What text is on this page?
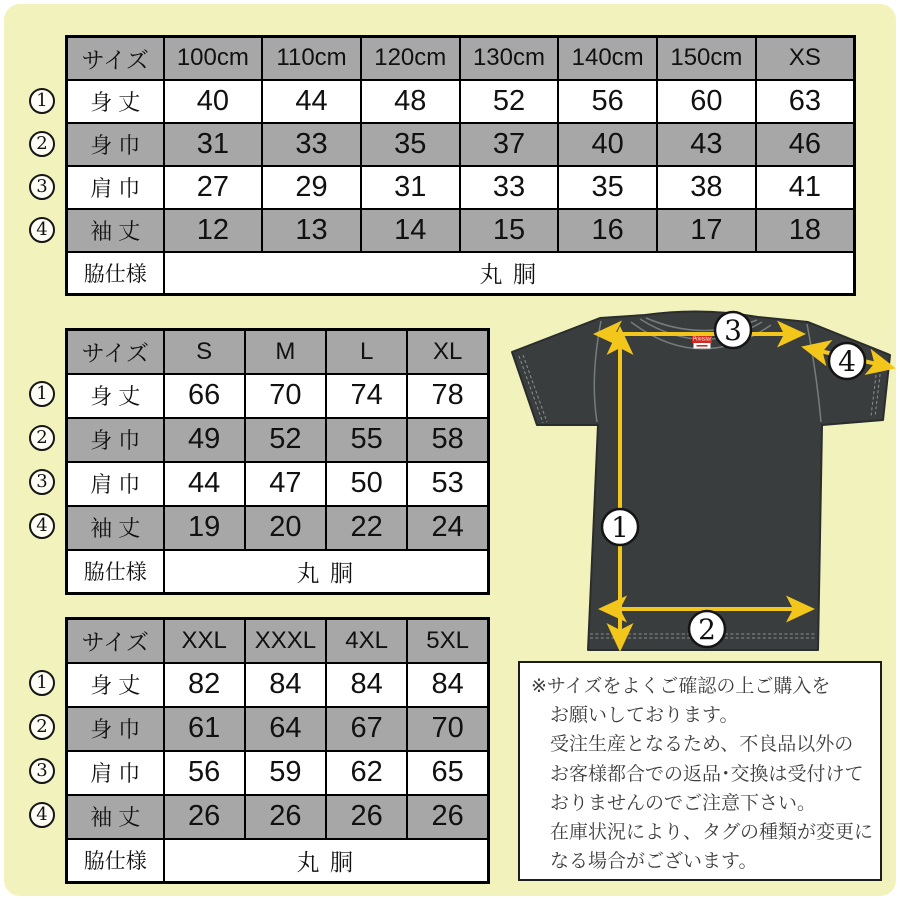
サイズ	100cm	110cm	120cm	130cm	140cm	150cm	XS
身 丈	40	44	48	52	56	60	63
身 巾	31	33	35	37	40	43	46
肩 巾	27	29	31	33	35	38	41
袖 丈	12	13	14	15	16	17	18
脇仕様	丸 胴						
サイズ	S	M	L	XL
身 丈	66	70	74	78
身 巾	49	52	55	58
肩 巾	44	47	50	53
袖 丈	19	20	22	24
脇仕様	丸 胴			
サイズ	XXL	XXXL	4XL	5XL
身 丈	82	84	84	84
身 巾	61	64	67	70
肩 巾	56	59	62	65
袖 丈	26	26	26	26
脇仕様	丸 胴			
1
2
3
4
1
2
3
4
1
2
3
4
Printstar
1
2
3
4
※サイズをよくご確認の上ご購入を
お願いしております。
受注生産となるため、不良品以外の
お客様都合での返品･交換は受付けて
おりませんのでご注意下さい。
在庫状況により、タグの種類が変更に
なる場合がございます。
